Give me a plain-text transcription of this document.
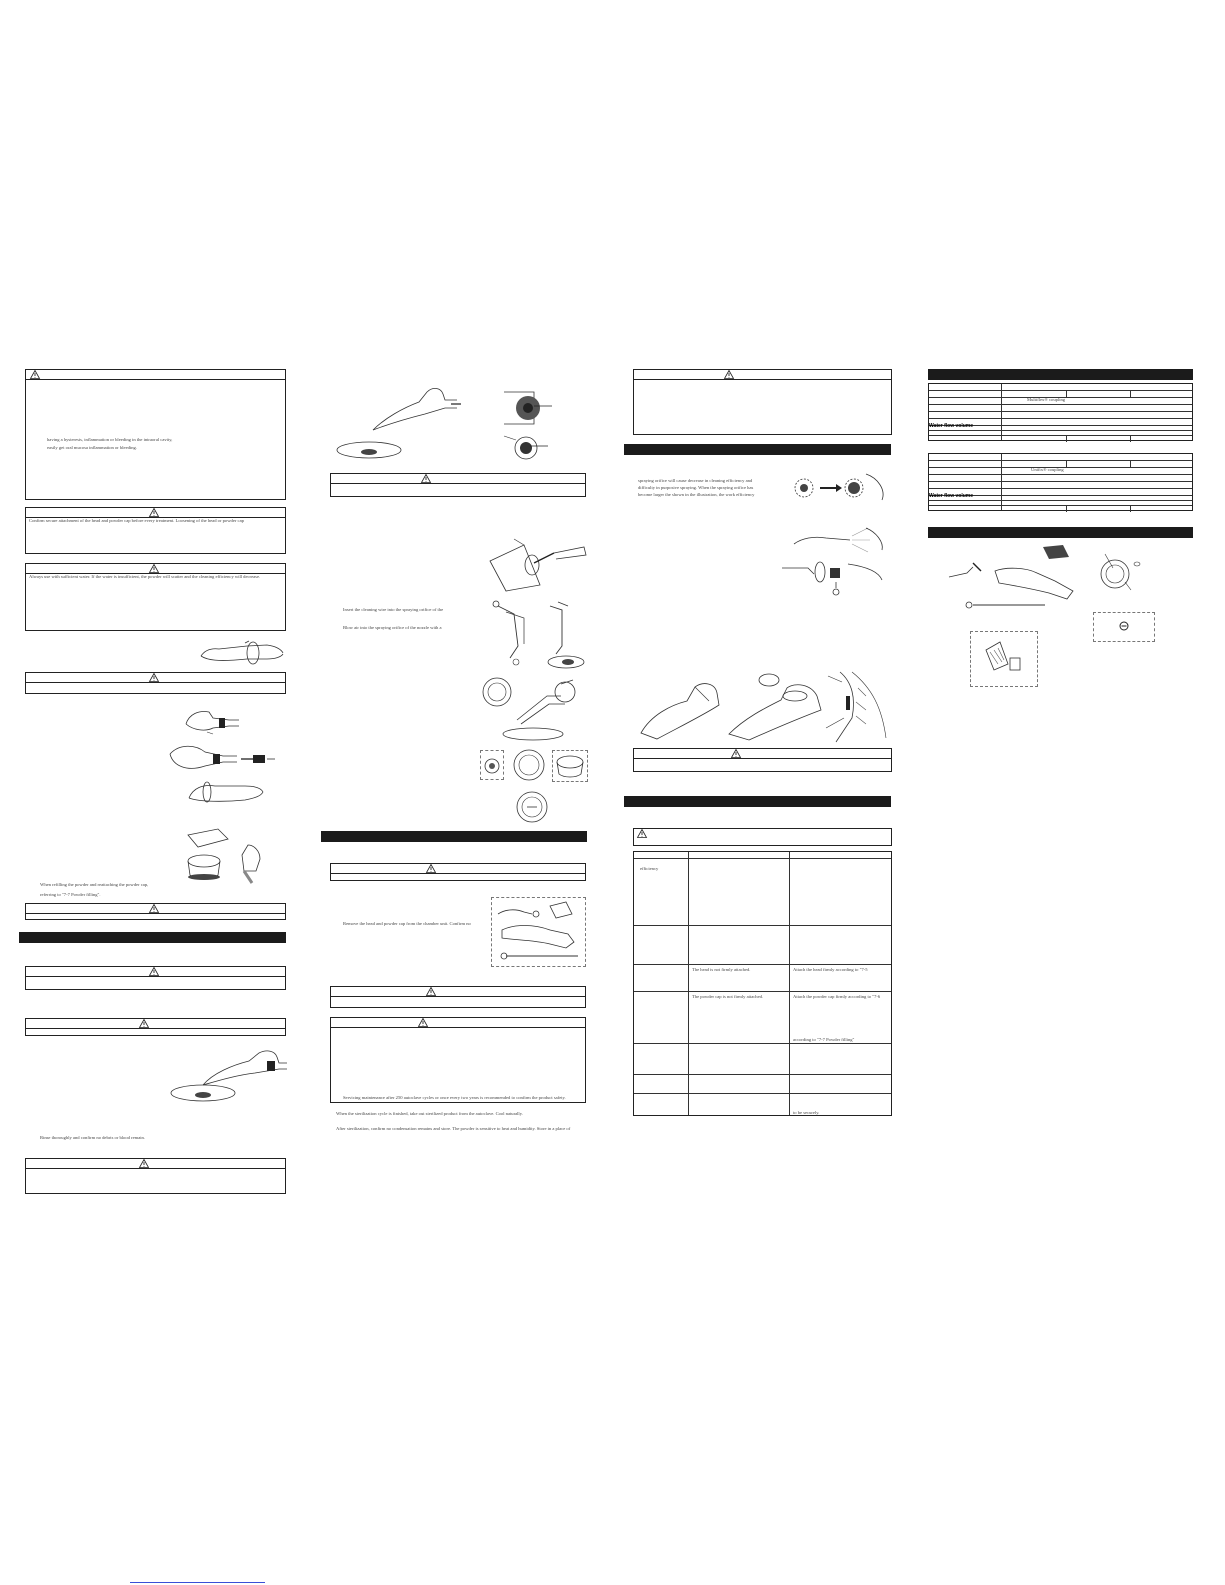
having a hysteresis, inflammation or bleeding in the intraoral cavity,
easily get oral mucosa inflammation or bleeding.
Confirm secure attachment of the head and powder cap before every treatment. Loosening of the head or powder cap
Always use with sufficient water. If the water is insufficient, the powder will scatter and the cleaning efficiency will decrease.
When refilling the powder and reattaching the powder cap,
referring to "7-7 Powder filling".
Rinse thoroughly and confirm no debris or blood remain.
Insert the cleaning wire into the spraying orifice of the
Blow air into the spraying orifice of the nozzle with a
Remove the head and powder cap from the chamber unit. Confirm no
Servicing maintenance after 250 autoclave cycles or once every two years is recommended to confirm the product safety.
When the sterilization cycle is finished, take out sterilized product from the autoclave. Cool naturally.
After sterilization, confirm no condensation remains and store. The powder is sensitive to heat and humidity. Store in a place of
spraying orifice will cause decrease in cleaning efficiency and
difficulty in purposive spraying. When the spraying orifice has
become larger the shown in the illustration, the work efficiency
efficiency
The head is not firmly attached.	Attach the head firmly according to "7-5
The powder cap is not firmly attached.	Attach the powder cap firmly according to "7-6
according to "7-7 Powder filling"
to be securely.
Multiflex® coupling
Water flow volume
Unifix® coupling
Water flow volume
